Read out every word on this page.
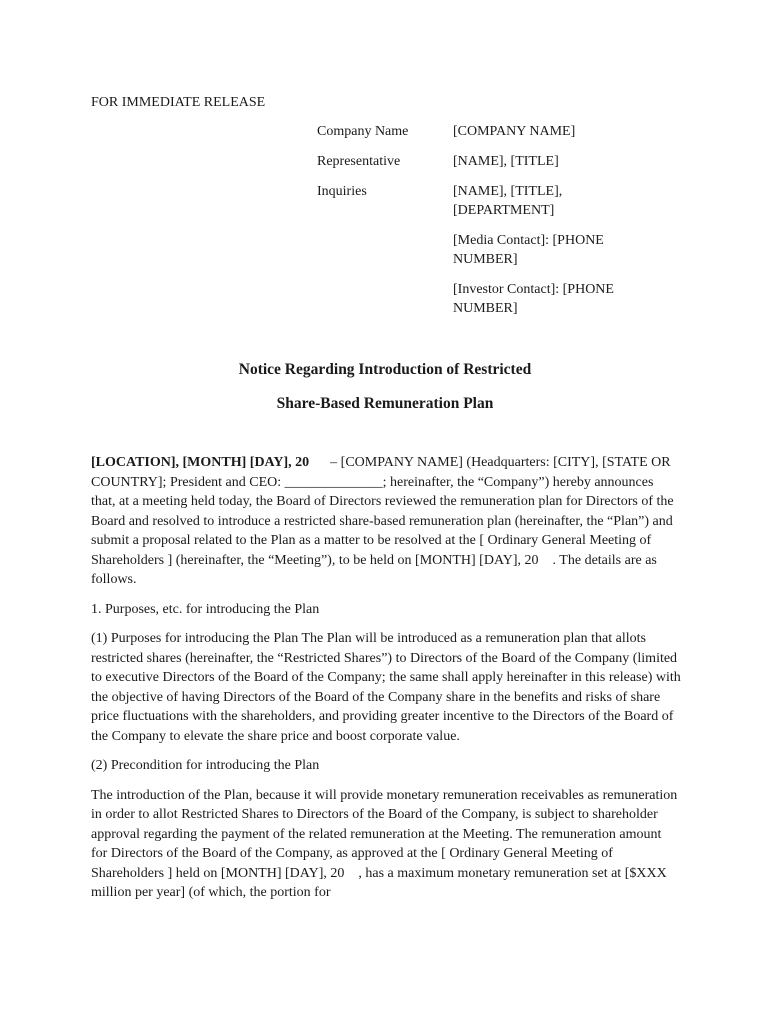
FOR IMMEDIATE RELEASE
Company Name	[COMPANY NAME]
Representative	[NAME], [TITLE]
Inquiries	[NAME], [TITLE], [DEPARTMENT]
[Media Contact]: [PHONE NUMBER]
[Investor Contact]: [PHONE NUMBER]
Notice Regarding Introduction of Restricted
Share-Based Remuneration Plan

[LOCATION], [MONTH] [DAY], 20   – [COMPANY NAME] (Headquarters: [CITY], [STATE OR COUNTRY]; President and CEO: ______________; hereinafter, the “Company”) hereby announces that, at a meeting held today, the Board of Directors reviewed the remuneration plan for Directors of the Board and resolved to introduce a restricted share-based remuneration plan (hereinafter, the “Plan”) and submit a proposal related to the Plan as a matter to be resolved at the [ Ordinary General Meeting of Shareholders ] (hereinafter, the “Meeting”), to be held on [MONTH] [DAY], 20 . The details are as follows.

1. Purposes, etc. for introducing the Plan

(1) Purposes for introducing the Plan The Plan will be introduced as a remuneration plan that allots restricted shares (hereinafter, the “Restricted Shares”) to Directors of the Board of the Company (limited to executive Directors of the Board of the Company; the same shall apply hereinafter in this release) with the objective of having Directors of the Board of the Company share in the benefits and risks of share price fluctuations with the shareholders, and providing greater incentive to the Directors of the Board of the Company to elevate the share price and boost corporate value.

(2) Precondition for introducing the Plan

The introduction of the Plan, because it will provide monetary remuneration receivables as remuneration in order to allot Restricted Shares to Directors of the Board of the Company, is subject to shareholder approval regarding the payment of the related remuneration at the Meeting. The remuneration amount for Directors of the Board of the Company, as approved at the [ Ordinary General Meeting of Shareholders ] held on [MONTH] [DAY], 20 , has a maximum monetary remuneration set at [$XXX million per year] (of which, the portion for
